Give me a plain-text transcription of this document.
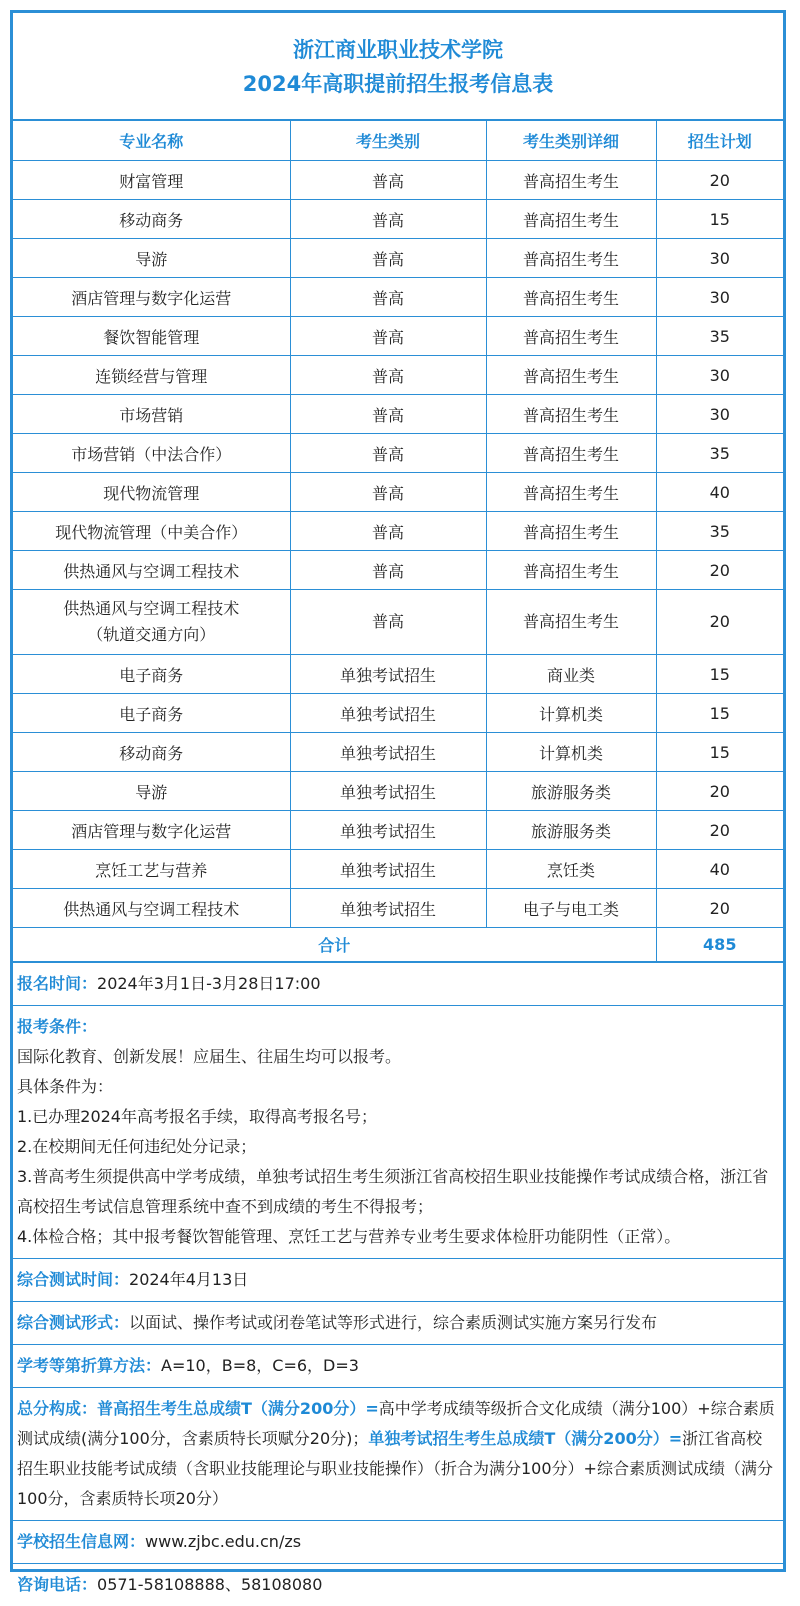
浙江商业职业技术学院
2024年高职提前招生报考信息表
专业名称	考生类别	考生类别详细	招生计划
财富管理	普高	普高招生考生	20
移动商务	普高	普高招生考生	15
导游	普高	普高招生考生	30
酒店管理与数字化运营	普高	普高招生考生	30
餐饮智能管理	普高	普高招生考生	35
连锁经营与管理	普高	普高招生考生	30
市场营销	普高	普高招生考生	30
市场营销（中法合作）	普高	普高招生考生	35
现代物流管理	普高	普高招生考生	40
现代物流管理（中美合作）	普高	普高招生考生	35
供热通风与空调工程技术	普高	普高招生考生	20

供热通风与空调工程技术
（轨道交通方向）	普高	普高招生考生	20
电子商务	单独考试招生	商业类	15
电子商务	单独考试招生	计算机类	15
移动商务	单独考试招生	计算机类	15
导游	单独考试招生	旅游服务类	20
酒店管理与数字化运营	单独考试招生	旅游服务类	20
烹饪工艺与营养	单独考试招生	烹饪类	40
供热通风与空调工程技术	单独考试招生	电子与电工类	20
合计			485
报名时间：2024年3月1日-3月28日17:00
报考条件：

国际化教育、创新发展！应届生、往届生均可以报考。

具体条件为：

1.已办理2024年高考报名手续，取得高考报名号；

2.在校期间无任何违纪处分记录；

3.普高考生须提供高中学考成绩，单独考试招生考生须浙江省高校招生职业技能操作考试成绩合格，浙江省高校招生考试信息管理系统中查不到成绩的考生不得报考；

4.体检合格；其中报考餐饮智能管理、烹饪工艺与营养专业考生要求体检肝功能阴性（正常）。

综合测试时间：2024年4月13日
综合测试形式：以面试、操作考试或闭卷笔试等形式进行，综合素质测试实施方案另行发布
学考等第折算方法：A=10，B=8，C=6，D=3
总分构成：普高招生考生总成绩T（满分200分）=高中学考成绩等级折合文化成绩（满分100）+综合素质测试成绩(满分100分，含素质特长项赋分20分)；单独考试招生考生总成绩T（满分200分）=浙江省高校招生职业技能考试成绩（含职业技能理论与职业技能操作）（折合为满分100分）+综合素质测试成绩（满分100分，含素质特长项20分）
学校招生信息网：www.zjbc.edu.cn/zs
咨询电话：0571-58108888、58108080
